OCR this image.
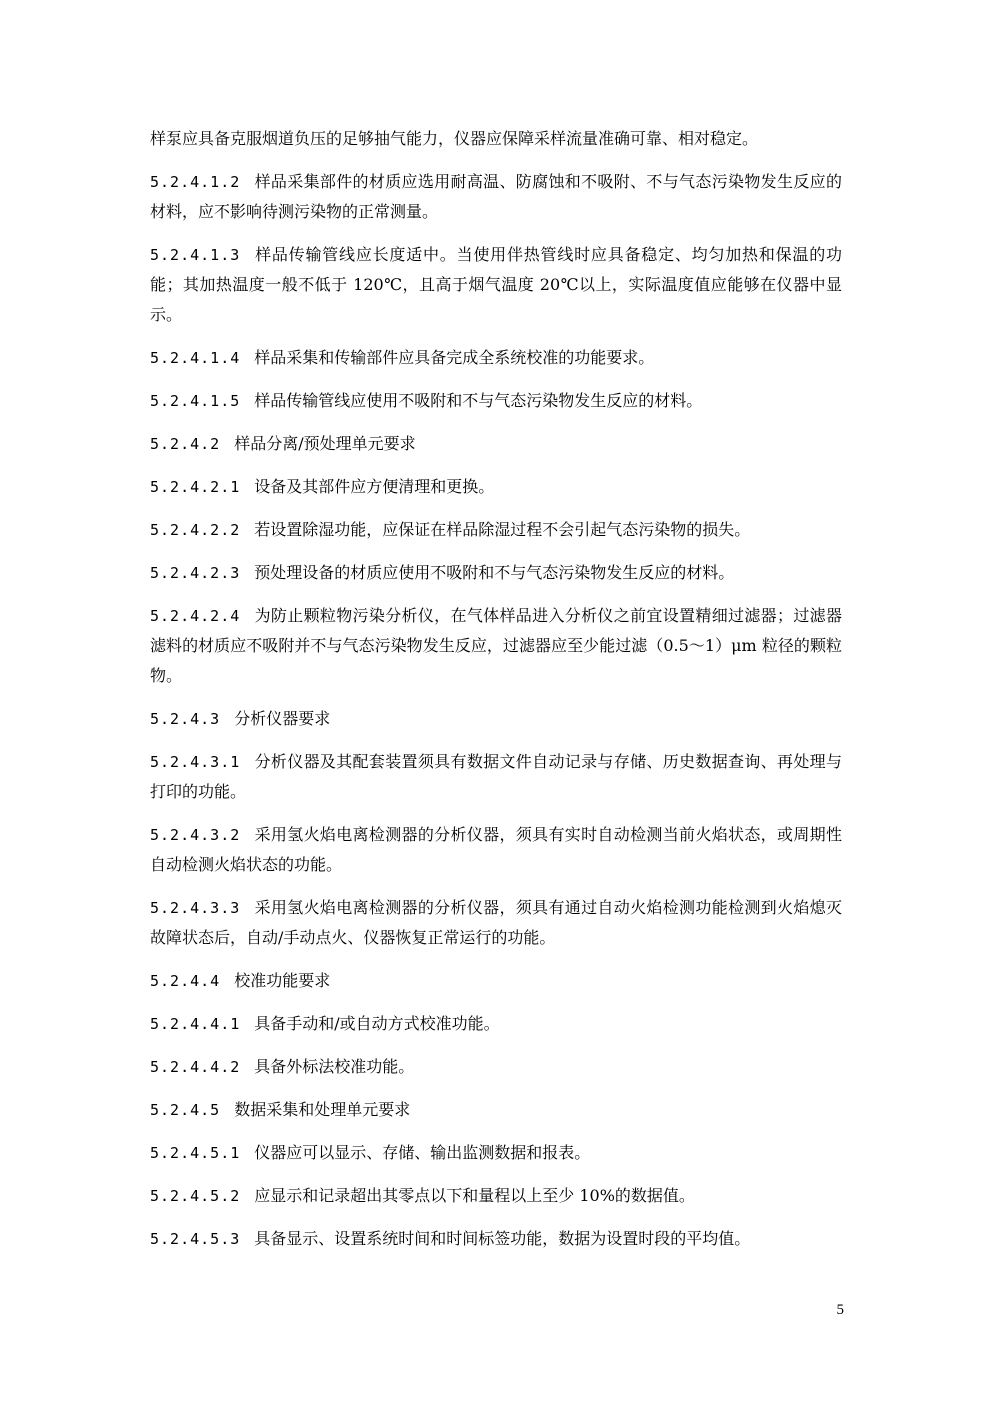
样泵应具备克服烟道负压的足够抽气能力，仪器应保障采样流量准确可靠、相对稳定。

5.2.4.1.2 样品采集部件的材质应选用耐高温、防腐蚀和不吸附、不与气态污染物发生反应的材料，应不影响待测污染物的正常测量。

5.2.4.1.3 样品传输管线应长度适中。当使用伴热管线时应具备稳定、均匀加热和保温的功能；其加热温度一般不低于 120℃，且高于烟气温度 20℃以上，实际温度值应能够在仪器中显示。

5.2.4.1.4 样品采集和传输部件应具备完成全系统校准的功能要求。

5.2.4.1.5 样品传输管线应使用不吸附和不与气态污染物发生反应的材料。

5.2.4.2 样品分离/预处理单元要求

5.2.4.2.1 设备及其部件应方便清理和更换。

5.2.4.2.2 若设置除湿功能，应保证在样品除湿过程不会引起气态污染物的损失。

5.2.4.2.3 预处理设备的材质应使用不吸附和不与气态污染物发生反应的材料。

5.2.4.2.4 为防止颗粒物污染分析仪，在气体样品进入分析仪之前宜设置精细过滤器；过滤器滤料的材质应不吸附并不与气态污染物发生反应，过滤器应至少能过滤（0.5～1）μm 粒径的颗粒物。

5.2.4.3 分析仪器要求

5.2.4.3.1 分析仪器及其配套装置须具有数据文件自动记录与存储、历史数据查询、再处理与打印的功能。

5.2.4.3.2 采用氢火焰电离检测器的分析仪器，须具有实时自动检测当前火焰状态，或周期性自动检测火焰状态的功能。

5.2.4.3.3 采用氢火焰电离检测器的分析仪器，须具有通过自动火焰检测功能检测到火焰熄灭故障状态后，自动/手动点火、仪器恢复正常运行的功能。

5.2.4.4 校准功能要求

5.2.4.4.1 具备手动和/或自动方式校准功能。

5.2.4.4.2 具备外标法校准功能。

5.2.4.5 数据采集和处理单元要求

5.2.4.5.1 仪器应可以显示、存储、输出监测数据和报表。

5.2.4.5.2 应显示和记录超出其零点以下和量程以上至少 10%的数据值。

5.2.4.5.3 具备显示、设置系统时间和时间标签功能，数据为设置时段的平均值。

5
